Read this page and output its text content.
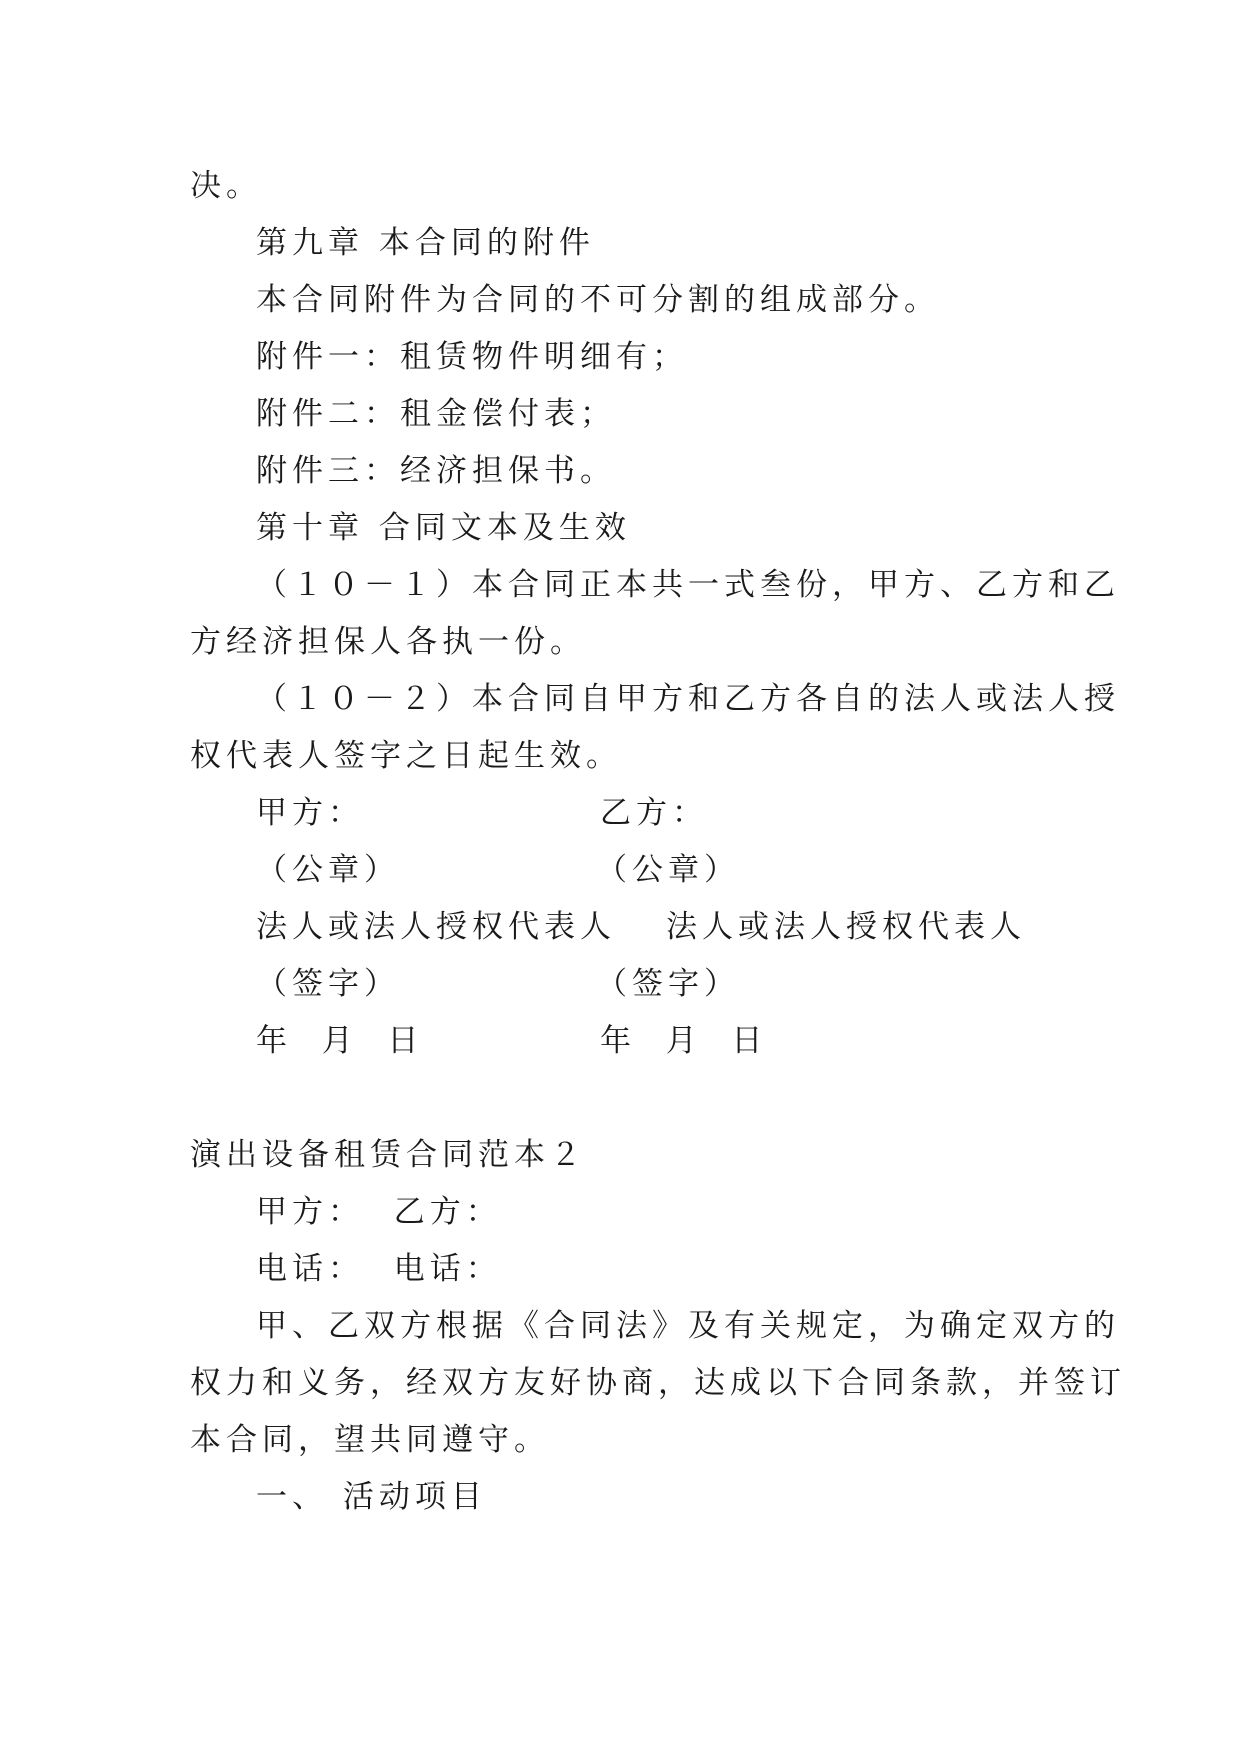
决。
第九章 本合同的附件
本合同附件为合同的不可分割的组成部分。
附件一：租赁物件明细有；
附件二：租金偿付表；
附件三：经济担保书。
第十章 合同文本及生效
（１０－１）本合同正本共一式叁份，甲方、乙方和乙
方经济担保人各执一份。
（１０－２）本合同自甲方和乙方各自的法人或法人授
权代表人签字之日起生效。
甲方：	乙方：
（公章）	（公章）
法人或法人授权代表人 法人或法人授权代表人
（签字）	（签字）
年  月  日	年  月  日
演出设备租赁合同范本２
甲方：  乙方：
电话：  电话：
甲、乙双方根据《合同法》及有关规定，为确定双方的
权力和义务，经双方友好协商，达成以下合同条款，并签订
本合同，望共同遵守。
一、 活动项目
